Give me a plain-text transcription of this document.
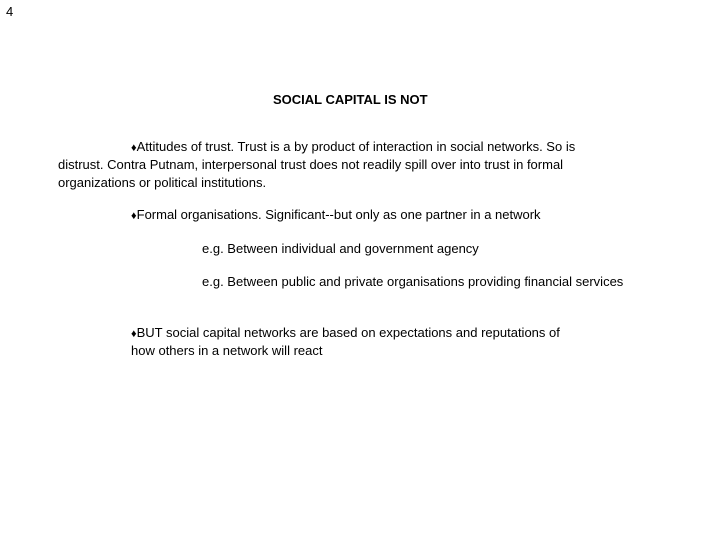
4
SOCIAL CAPITAL IS NOT
♦Attitudes of trust. Trust is a by product of interaction in social networks. So is
distrust. Contra Putnam, interpersonal trust does not readily spill over into trust in formal
organizations or political institutions.
♦Formal organisations. Significant--but only as one partner in a network
e.g. Between individual and government agency
e.g. Between public and private organisations providing financial services
♦BUT social capital networks are based on expectations and reputations of
how others in a network will react
